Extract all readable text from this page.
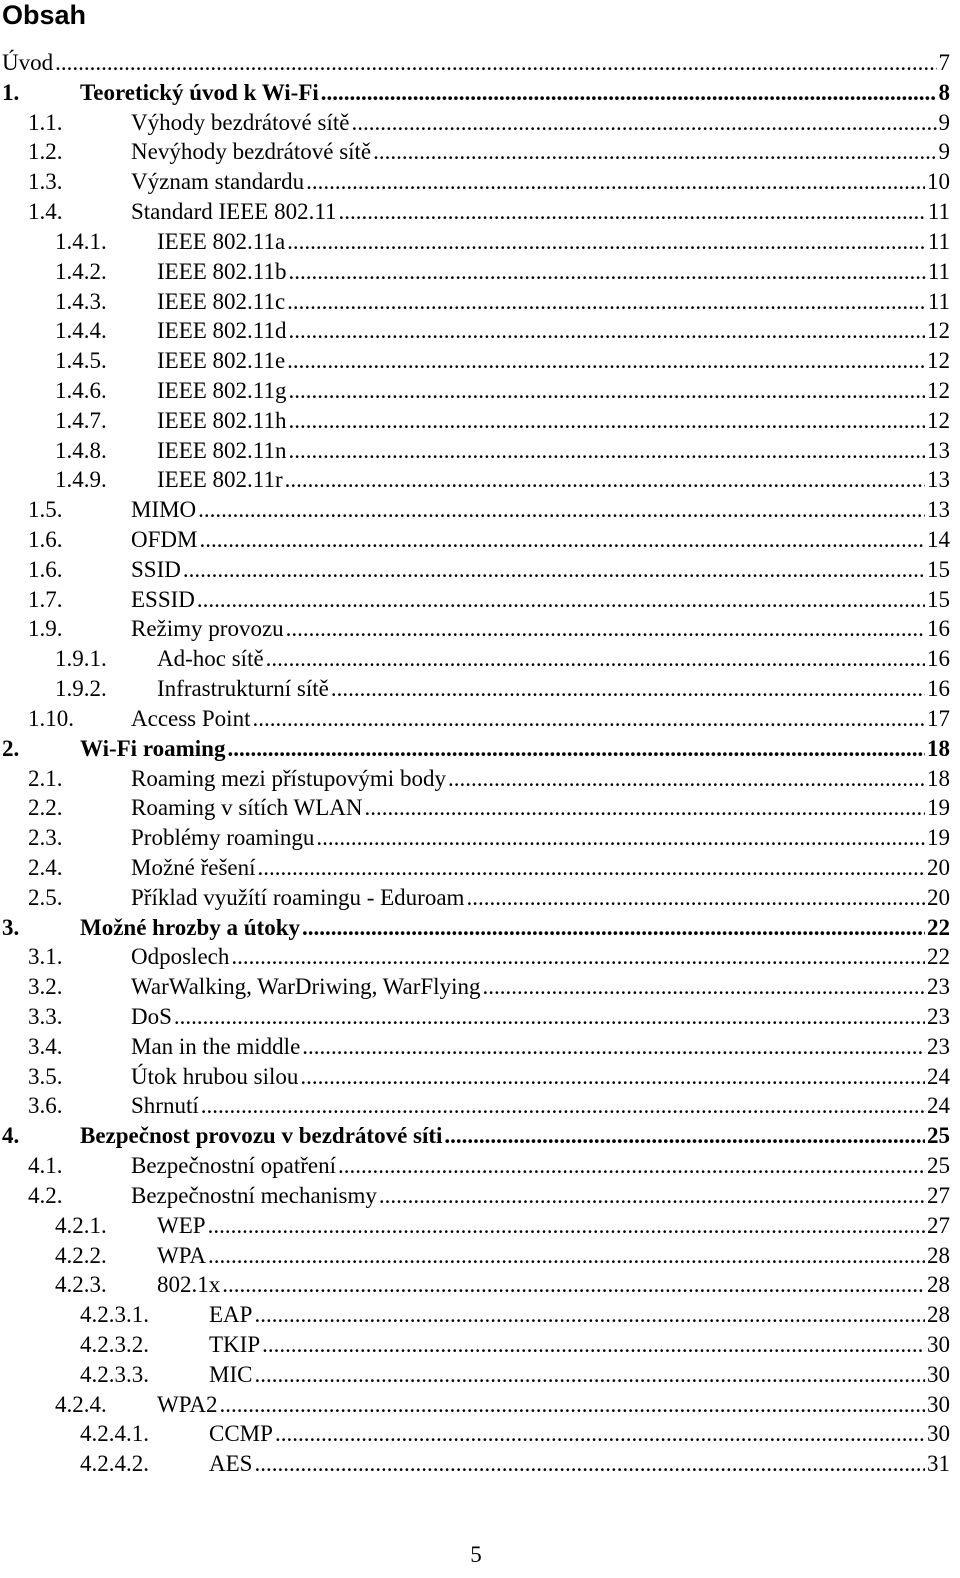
Obsah
Úvod .....	7
1.	Teoretický úvod k Wi-Fi .....	8
1.1.	Výhody bezdrátové sítě .....	9
1.2.	Nevýhody bezdrátové sítě .....	9
1.3.	Význam standardu .....	10
1.4.	Standard IEEE 802.11 .....	11
1.4.1. IEEE 802.11a .....	11
1.4.2. IEEE 802.11b .....	11
1.4.3. IEEE 802.11c .....	11
1.4.4. IEEE 802.11d .....	12
1.4.5. IEEE 802.11e .....	12
1.4.6. IEEE 802.11g .....	12
1.4.7. IEEE 802.11h .....	12
1.4.8. IEEE 802.11n .....	13
1.4.9. IEEE 802.11r .....	13
1.5.	MIMO .....	13
1.6.	OFDM .....	14
1.6.	SSID .....	15
1.7.	ESSID .....	15
1.9.	Režimy provozu .....	16
1.9.1. Ad-hoc sítě .....	16
1.9.2. Infrastrukturní sítě .....	16
1.10. Access Point .....	17
2.	Wi-Fi roaming .....	18
2.1.	Roaming mezi přístupovými body .....	18
2.2.	Roaming v sítích WLAN .....	19
2.3.	Problémy roamingu .....	19
2.4.	Možné řešení .....	20
2.5.	Příklad využítí roamingu - Eduroam .....	20
3.	Možné hrozby a útoky .....	22
3.1.	Odposlech .....	22
3.2.	WarWalking, WarDriwing, WarFlying .....	23
3.3.	DoS .....	23
3.4.	Man in the middle .....	23
3.5.	Útok hrubou silou .....	24
3.6.	Shrnutí .....	24
4.	Bezpečnost provozu v bezdrátové síti .....	25
4.1.	Bezpečnostní opatření .....	25
4.2.	Bezpečnostní mechanismy .....	27
4.2.1. WEP .....	27
4.2.2. WPA .....	28
4.2.3. 802.1x .....	28
4.2.3.1.	EAP .....	28
4.2.3.2.	TKIP .....	30
4.2.3.3.	MIC .....	30
4.2.4. WPA2 .....	30
4.2.4.1.	CCMP .....	30
4.2.4.2.	AES .....	31
5
